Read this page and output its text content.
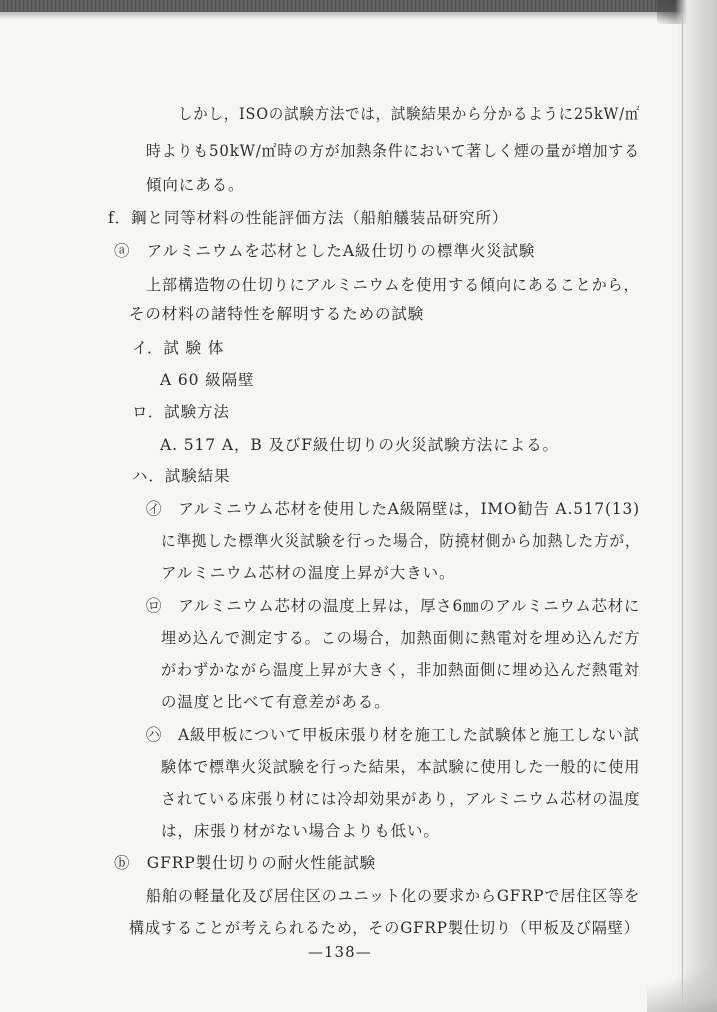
しかし，ISOの試験方法では，試験結果から分かるように25kW/㎡
時よりも50kW/㎡時の方が加熱条件において著しく煙の量が増加する
傾向にある。
f．鋼と同等材料の性能評価方法（船舶艤装品研究所）
ⓐ　アルミニウムを芯材としたA級仕切りの標準火災試験
上部構造物の仕切りにアルミニウムを使用する傾向にあることから，
その材料の諸特性を解明するための試験
イ．試 験 体
A 60 級隔壁
ロ．試験方法
A. 517 A，B 及びF級仕切りの火災試験方法による。
ハ．試験結果
㋑　アルミニウム芯材を使用したA級隔壁は，IMO勧告 A.517(13)
に準拠した標準火災試験を行った場合，防撓材側から加熱した方が，
アルミニウム芯材の温度上昇が大きい。
㋺　アルミニウム芯材の温度上昇は，厚さ6㎜のアルミニウム芯材に
埋め込んで測定する。この場合，加熱面側に熱電対を埋め込んだ方
がわずかながら温度上昇が大きく，非加熱面側に埋め込んだ熱電対
の温度と比べて有意差がある。
㋩　A級甲板について甲板床張り材を施工した試験体と施工しない試
験体で標準火災試験を行った結果，本試験に使用した一般的に使用
されている床張り材には冷却効果があり，アルミニウム芯材の温度
は，床張り材がない場合よりも低い。
ⓑ　GFRP製仕切りの耐火性能試験
船舶の軽量化及び居住区のユニット化の要求からGFRPで居住区等を
構成することが考えられるため，そのGFRP製仕切り（甲板及び隔壁）
—138—
